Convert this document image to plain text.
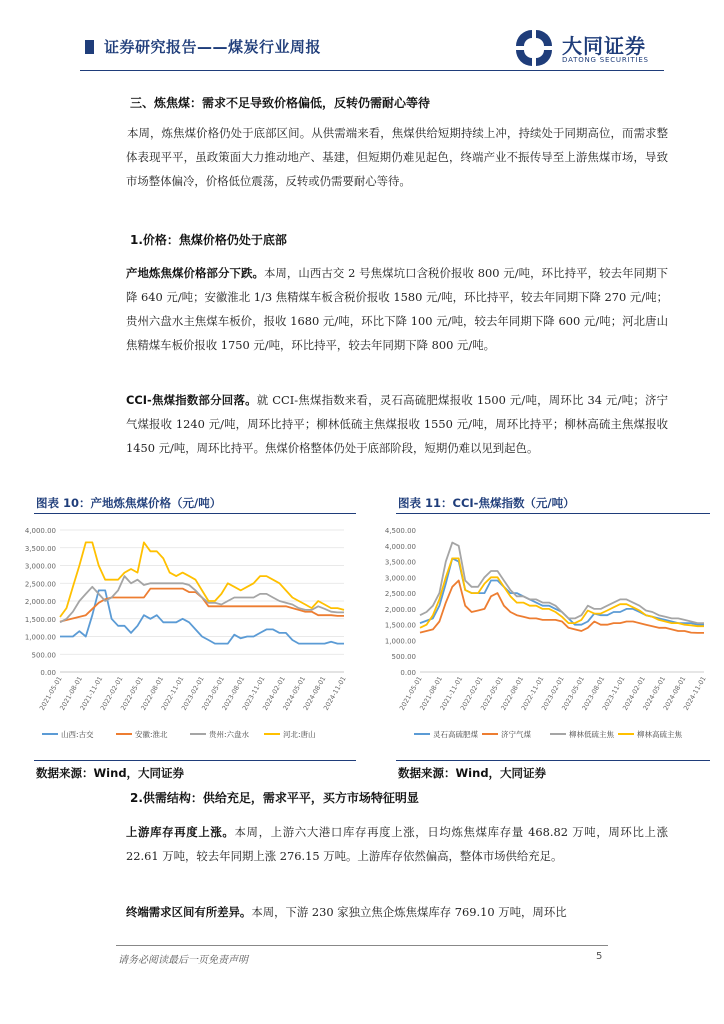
证券研究报告——煤炭行业周报	大同证券
DATONG SECURITIES
三、炼焦煤：需求不足导致价格偏低，反转仍需耐心等待
本周，炼焦煤价格仍处于底部区间。从供需端来看，焦煤供给短期持续上冲，持续处于同期高位，而需求整体表现平平，虽政策面大力推动地产、基建，但短期仍难见起色，终端产业不振传导至上游焦煤市场，导致市场整体偏冷，价格低位震荡，反转或仍需要耐心等待。
1.价格：焦煤价格仍处于底部
产地炼焦煤价格部分下跌。本周，山西古交 2 号焦煤坑口含税价报收 800 元/吨，环比持平，较去年同期下降 640 元/吨；安徽淮北 1/3 焦精煤车板含税价报收 1580 元/吨，环比持平，较去年同期下降 270 元/吨；贵州六盘水主焦煤车板价，报收 1680 元/吨，环比下降 100 元/吨，较去年同期下降 600 元/吨；河北唐山焦精煤车板价报收 1750 元/吨，环比持平，较去年同期下降 800 元/吨。
CCI-焦煤指数部分回落。就 CCI-焦煤指数来看，灵石高硫肥煤报收 1500 元/吨，周环比 34 元/吨；济宁气煤报收 1240 元/吨，周环比持平；柳林低硫主焦煤报收 1550 元/吨，周环比持平；柳林高硫主焦煤报收 1450 元/吨，周环比持平。焦煤价格整体仍处于底部阶段，短期仍难以见到起色。
图表 10：产地炼焦煤价格（元/吨）	图表 11：CCI-焦煤指数（元/吨）
0.00
500.00
1,000.00
1,500.00
2,000.00
2,500.00
3,000.00
3,500.00
4,000.00
2021-05-01
2021-08-01
2021-11-01
2022-02-01
2022-05-01
2022-08-01
2022-11-01
2023-02-01
2023-05-01
2023-08-01
2023-11-01
2024-02-01
2024-05-01
2024-08-01
2024-11-01
山西:古交	安徽:淮北	贵州:六盘水	河北:唐山
0.00
500.00
1,000.00
1,500.00
2,000.00
2,500.00
3,000.00
3,500.00
4,000.00
4,500.00
2021-05-01
2021-08-01
2021-11-01
2022-02-01
2022-05-01
2022-08-01
2022-11-01
2023-02-01
2023-05-01
2023-08-01
2023-11-01
2024-02-01
2024-05-01
2024-08-01
2024-11-01
灵石高硫肥煤	济宁气煤	柳林低硫主焦	柳林高硫主焦
数据来源：Wind，大同证券	数据来源：Wind，大同证券
2.供需结构：供给充足，需求平平，买方市场特征明显
上游库存再度上涨。本周，上游六大港口库存再度上涨，日均炼焦煤库存量 468.82 万吨，周环比上涨 22.61 万吨，较去年同期上涨 276.15 万吨。上游库存依然偏高，整体市场供给充足。
终端需求区间有所差异。本周，下游 230 家独立焦企炼焦煤库存 769.10 万吨，周环比
请务必阅读最后一页免责声明	5
